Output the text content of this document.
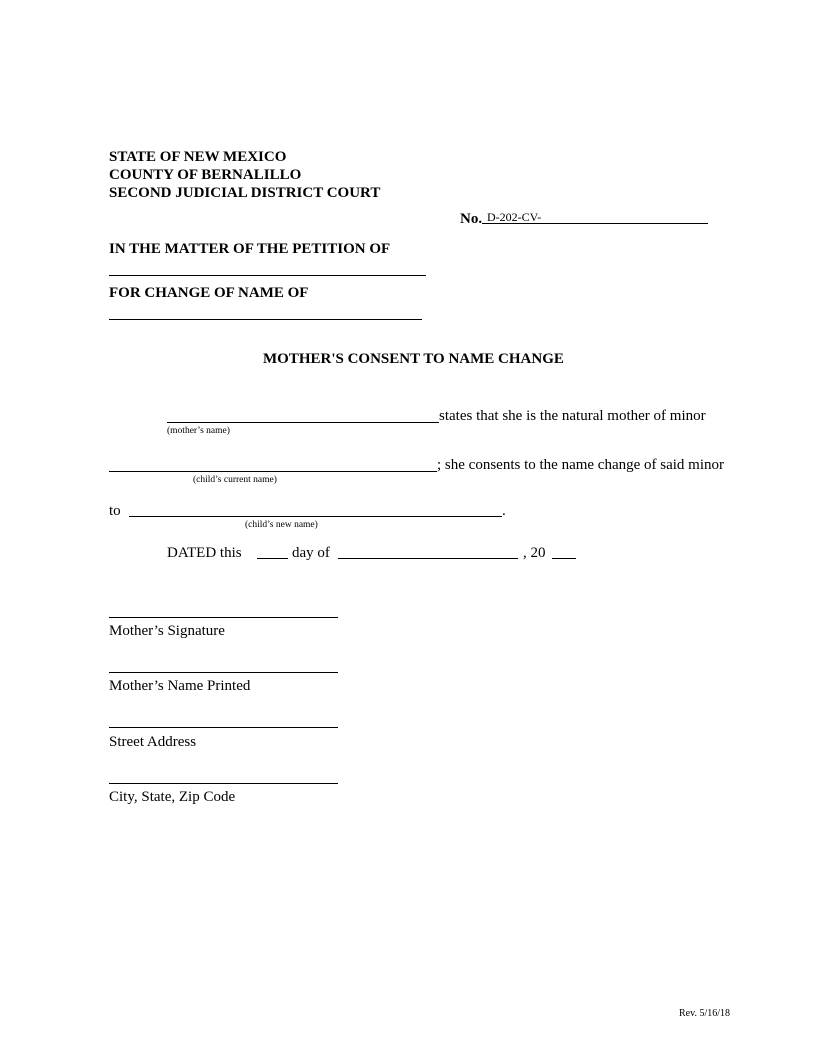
STATE OF NEW MEXICO
COUNTY OF BERNALILLO
SECOND JUDICIAL DISTRICT COURT
No. D-202-CV-
IN THE MATTER OF THE PETITION OF
FOR CHANGE OF NAME OF
MOTHER'S CONSENT TO NAME CHANGE
states that she is the natural mother of minor
(mother’s name)
; she consents to the name change of said minor
(child’s current name)
to	.
(child’s new name)
DATED this	day of	, 20
Mother’s Signature
Mother’s Name Printed
Street Address
City, State, Zip Code
Rev. 5/16/18
